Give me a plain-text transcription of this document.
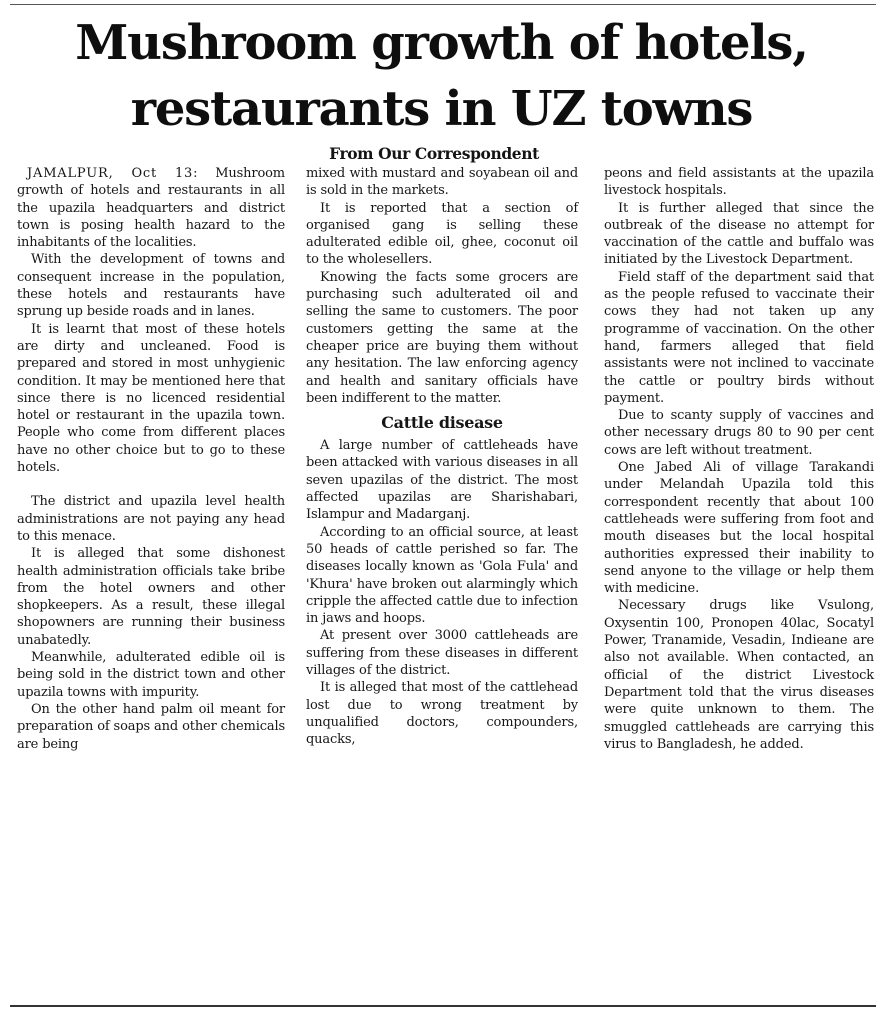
Mushroom growth of hotels,
restaurants in UZ towns
From Our Correspondent

JAMALPUR, Oct 13: Mushroom growth of hotels and restaurants in all the upazila headquarters and district town is posing health hazard to the inhabitants of the localities.

With the development of towns and consequent increase in the population, these hotels and restaurants have sprung up beside roads and in lanes.

It is learnt that most of these hotels are dirty and uncleaned. Food is prepared and stored in most unhygienic condition. It may be mentioned here that since there is no licenced residential hotel or restaurant in the upazila town. People who come from different places have no other choice but to go to these hotels.

The district and upazila level health administrations are not paying any head to this menace.

It is alleged that some dishonest health administration officials take bribe from the hotel owners and other shopkeepers. As a result, these illegal shopowners are running their business unabatedly.

Meanwhile, adulterated edible oil is being sold in the district town and other upazila towns with impurity.

On the other hand palm oil meant for preparation of soaps and other chemicals are being

mixed with mustard and soyabean oil and is sold in the markets.

It is reported that a section of organised gang is selling these adulterated edible oil, ghee, coconut oil to the wholesellers.

Knowing the facts some grocers are purchasing such adulterated oil and selling the same to customers. The poor customers getting the same at the cheaper price are buying them without any hesitation. The law enforcing agency and health and sanitary officials have been indifferent to the matter.

Cattle disease

A large number of cattleheads have been attacked with various diseases in all seven upazilas of the district. The most affected upazilas are Sharishabari, Islampur and Madarganj.

According to an official source, at least 50 heads of cattle perished so far. The diseases locally known as 'Gola Fula' and 'Khura' have broken out alarmingly which cripple the affected cattle due to infection in jaws and hoops.

At present over 3000 cattleheads are suffering from these diseases in different villages of the district.

It is alleged that most of the cattlehead lost due to wrong treatment by unqualified doctors, compounders, quacks,

peons and field assistants at the upazila livestock hospitals.

It is further alleged that since the outbreak of the disease no attempt for vaccination of the cattle and buffalo was initiated by the Livestock Department.

Field staff of the department said that as the people refused to vaccinate their cows they had not taken up any programme of vaccination. On the other hand, farmers alleged that field assistants were not inclined to vaccinate the cattle or poultry birds without payment.

Due to scanty supply of vaccines and other necessary drugs 80 to 90 per cent cows are left without treatment.

One Jabed Ali of village Tarakandi under Melandah Upazila told this correspondent recently that about 100 cattleheads were suffering from foot and mouth diseases but the local hospital authorities expressed their inability to send anyone to the village or help them with medicine.

Necessary drugs like Vsulong, Oxysentin 100, Pronopen 40lac, Socatyl Power, Tranamide, Vesadin, Indieane are also not available. When contacted, an official of the district Livestock Department told that the virus diseases were quite unknown to them. The smuggled cattleheads are carrying this virus to Bangladesh, he added.
